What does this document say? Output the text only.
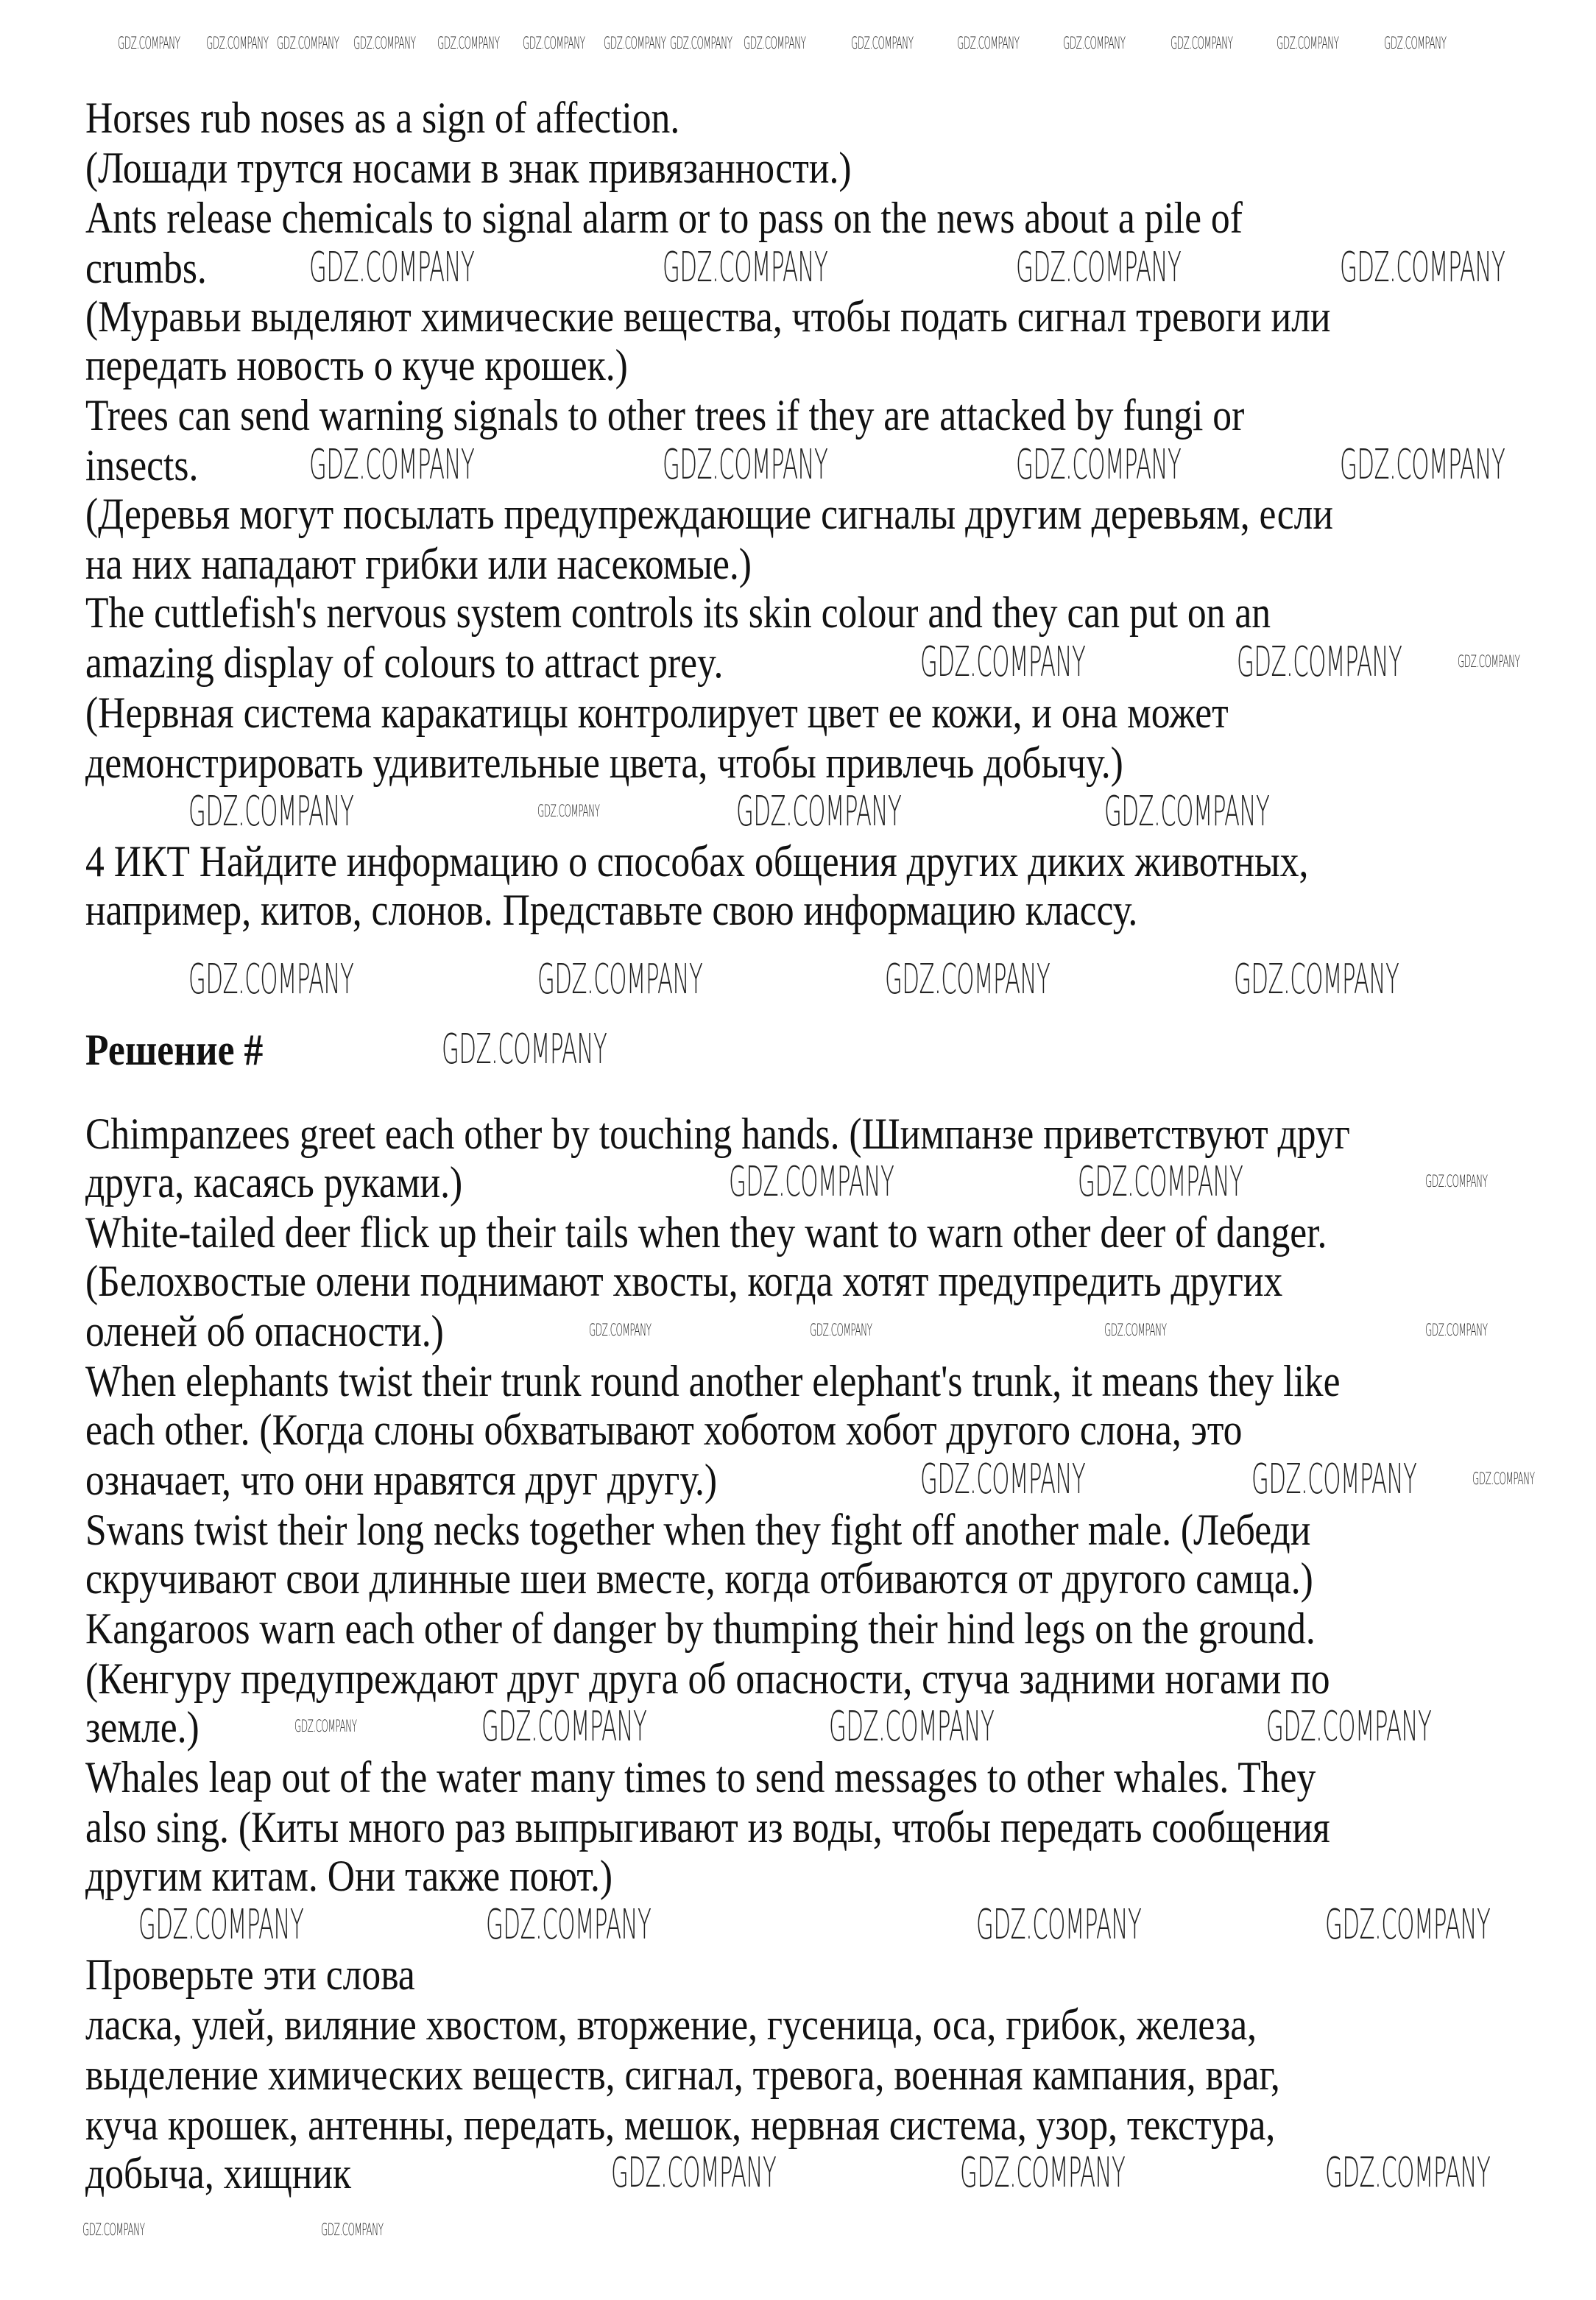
Horses rub noses as a sign of affection.
(Лошади трутся носами в знак привязанности.)
Ants release chemicals to signal alarm or to pass on the news about a pile of
crumbs.
(Муравьи выделяют химические вещества, чтобы подать сигнал тревоги или
передать новость о куче крошек.)
Trees can send warning signals to other trees if they are attacked by fungi or
insects.
(Деревья могут посылать предупреждающие сигналы другим деревьям, если
на них нападают грибки или насекомые.)
The cuttlefish's nervous system controls its skin colour and they can put on an
amazing display of colours to attract prey.
(Нервная система каракатицы контролирует цвет ее кожи, и она может
демонстрировать удивительные цвета, чтобы привлечь добычу.)
4 ИКТ Найдите информацию о способах общения других диких животных,
например, китов, слонов. Представьте свою информацию классу.
Решение #
Chimpanzees greet each other by touching hands. (Шимпанзе приветствуют друг
друга, касаясь руками.)
White-tailed deer flick up their tails when they want to warn other deer of danger.
(Белохвостые олени поднимают хвосты, когда хотят предупредить других
оленей об опасности.)
When elephants twist their trunk round another elephant's trunk, it means they like
each other. (Когда слоны обхватывают хоботом хобот другого слона, это
означает, что они нравятся друг другу.)
Swans twist their long necks together when they fight off another male. (Лебеди
скручивают свои длинные шеи вместе, когда отбиваются от другого самца.)
Kangaroos warn each other of danger by thumping their hind legs on the ground.
(Кенгуру предупреждают друг друга об опасности, стуча задними ногами по
земле.)
Whales leap out of the water many times to send messages to other whales. They
also sing. (Киты много раз выпрыгивают из воды, чтобы передать сообщения
другим китам. Они также поют.)
Проверьте эти слова
ласка, улей, виляние хвостом, вторжение, гусеница, оса, грибок, железа,
выделение химических веществ, сигнал, тревога, военная кампания, враг,
куча крошек, антенны, передать, мешок, нервная система, узор, текстура,
добыча, хищник
GDZ.COMPANY GDZ.COMPANY GDZ.COMPANY GDZ.COMPANY GDZ.COMPANY GDZ.COMPANY GDZ.COMPANY GDZ.COMPANY GDZ.COMPANY	GDZ.COMPANY	GDZ.COMPANY	GDZ.COMPANY	GDZ.COMPANY	GDZ.COMPANY	GDZ.COMPANY
GDZ.COMPANY	GDZ.COMPANY	GDZ.COMPANY	GDZ.COMPANY
GDZ.COMPANY	GDZ.COMPANY	GDZ.COMPANY	GDZ.COMPANY
GDZ.COMPANY	GDZ.COMPANY	GDZ.COMPANY
GDZ.COMPANY	GDZ.COMPANY	GDZ.COMPANY	GDZ.COMPANY
GDZ.COMPANY	GDZ.COMPANY	GDZ.COMPANY	GDZ.COMPANY
GDZ.COMPANY
GDZ.COMPANY	GDZ.COMPANY	GDZ.COMPANY
GDZ.COMPANY	GDZ.COMPANY	GDZ.COMPANY	GDZ.COMPANY
GDZ.COMPANY	GDZ.COMPANY	GDZ.COMPANY
GDZ.COMPANY	GDZ.COMPANY	GDZ.COMPANY	GDZ.COMPANY
GDZ.COMPANY	GDZ.COMPANY	GDZ.COMPANY	GDZ.COMPANY
GDZ.COMPANY	GDZ.COMPANY	GDZ.COMPANY
GDZ.COMPANY	GDZ.COMPANY
